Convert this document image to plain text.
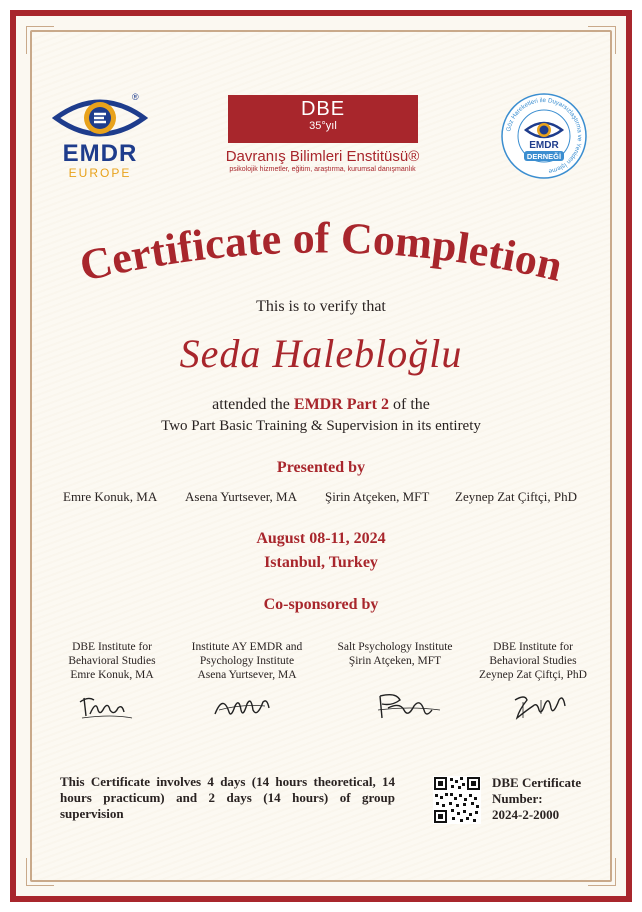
®
EMDR
EUROPE
DBE
35°yıl
Davranış Bilimleri Enstitüsü®
psikolojik hizmetler, eğitim, araştırma, kurumsal danışmanlık
Göz Hareketleri ile Duyarsızlaştırma ve Yeniden İşleme
EMDR
DERNEĞİ
Certificate of Completion
This is to verify that
Seda Halebloğlu
attended the EMDR Part 2 of the
Two Part Basic Training & Supervision in its entirety
Presented by
Emre Konuk, MA Asena Yurtsever, MA Şirin Atçeken, MFT Zeynep Zat Çiftçi, PhD
August 08-11, 2024
Istanbul, Turkey
Co-sponsored by
DBE Institute for
Behavioral Studies
Emre Konuk, MA
Institute AY EMDR and
Psychology Institute
Asena Yurtsever, MA
Salt Psychology Institute
Şirin Atçeken, MFT
DBE Institute for
Behavioral Studies
Zeynep Zat Çiftçi, PhD
This Certificate involves 4 days (14 hours theoretical, 14 hours practicum) and 2 days (14 hours) of group supervision
DBE Certificate
Number:
2024-2-2000
